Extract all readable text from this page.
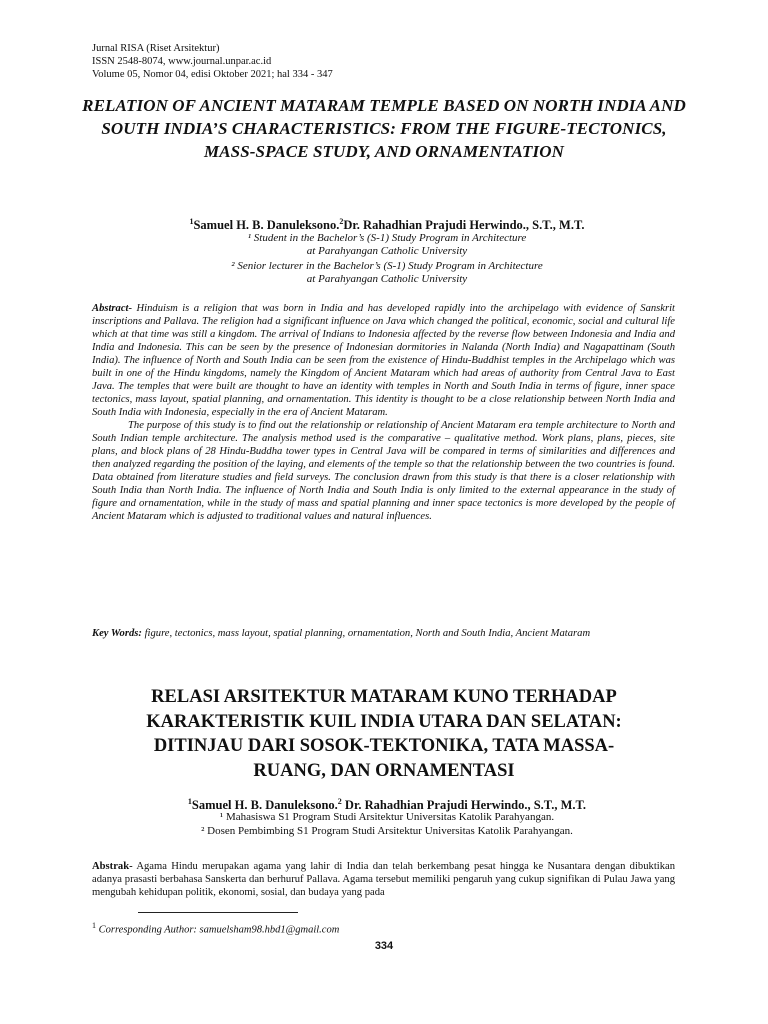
Jurnal RISA (Riset Arsitektur)
ISSN 2548-8074, www.journal.unpar.ac.id
Volume 05, Nomor 04, edisi Oktober 2021; hal 334 - 347
RELATION OF ANCIENT MATARAM TEMPLE BASED ON NORTH INDIA AND SOUTH INDIA’S CHARACTERISTICS: FROM THE FIGURE-TECTONICS, MASS-SPACE STUDY, AND ORNAMENTATION
$^1$Samuel H. B. Danuleksono.$^2$Dr. Rahadhian Prajudi Herwindo., S.T., M.T.
¹ Student in the Bachelor’s (S-1) Study Program in Architecture
at Parahyangan Catholic University
² Senior lecturer in the Bachelor’s (S-1) Study Program in Architecture
at Parahyangan Catholic University

Abstract- Hinduism is a religion that was born in India and has developed rapidly into the archipelago with evidence of Sanskrit inscriptions and Pallava. The religion had a significant influence on Java which changed the political, economic, social and cultural life which at that time was still a kingdom. The arrival of Indians to Indonesia affected by the reverse flow between Indonesia and India and India and Indonesia. This can be seen by the presence of Indonesian dormitories in Nalanda (North India) and Nagapattinam (South India). The influence of North and South India can be seen from the existence of Hindu-Buddhist temples in the Archipelago which was built in one of the Hindu kingdoms, namely the Kingdom of Ancient Mataram which had areas of authority from Central Java to East Java. The temples that were built are thought to have an identity with temples in North and South India in terms of figure, inner space tectonics, mass layout, spatial planning, and ornamentation. This identity is thought to be a close relationship between North India and South India with Indonesia, especially in the era of Ancient Mataram.

The purpose of this study is to find out the relationship or relationship of Ancient Mataram era temple architecture to North and South Indian temple architecture. The analysis method used is the comparative – qualitative method. Work plans, plans, pieces, site plans, and block plans of 28 Hindu-Buddha tower types in Central Java will be compared in terms of similarities and differences and then analyzed regarding the position of the laying, and elements of the temple so that the relationship between the two countries is found. Data obtained from literature studies and field surveys. The conclusion drawn from this study is that there is a closer relationship with South India than North India. The influence of North India and South India is only limited to the external appearance in the study of figure and ornamentation, while in the study of mass and spatial planning and inner space tectonics is more developed by the people of Ancient Mataram which is adjusted to traditional values and natural influences.

Key Words: figure, tectonics, mass layout, spatial planning, ornamentation, North and South India, Ancient Mataram
RELASI ARSITEKTUR MATARAM KUNO TERHADAP
KARAKTERISTIK KUIL INDIA UTARA DAN SELATAN:
DITINJAU DARI SOSOK-TEKTONIKA, TATA MASSA-
RUANG, DAN ORNAMENTASI
$^1$Samuel H. B. Danuleksono.$^2$ Dr. Rahadhian Prajudi Herwindo., S.T., M.T.
¹ Mahasiswa S1 Program Studi Arsitektur Universitas Katolik Parahyangan.
² Dosen Pembimbing S1 Program Studi Arsitektur Universitas Katolik Parahyangan.
Abstrak- Agama Hindu merupakan agama yang lahir di India dan telah berkembang pesat hingga ke Nusantara dengan dibuktikan adanya prasasti berbahasa Sanskerta dan berhuruf Pallava. Agama tersebut memiliki pengaruh yang cukup signifikan di Pulau Jawa yang mengubah kehidupan politik, ekonomi, sosial, dan budaya yang pada
$^1$ Corresponding Author: samuelsham98.hbd1@gmail.com
334
